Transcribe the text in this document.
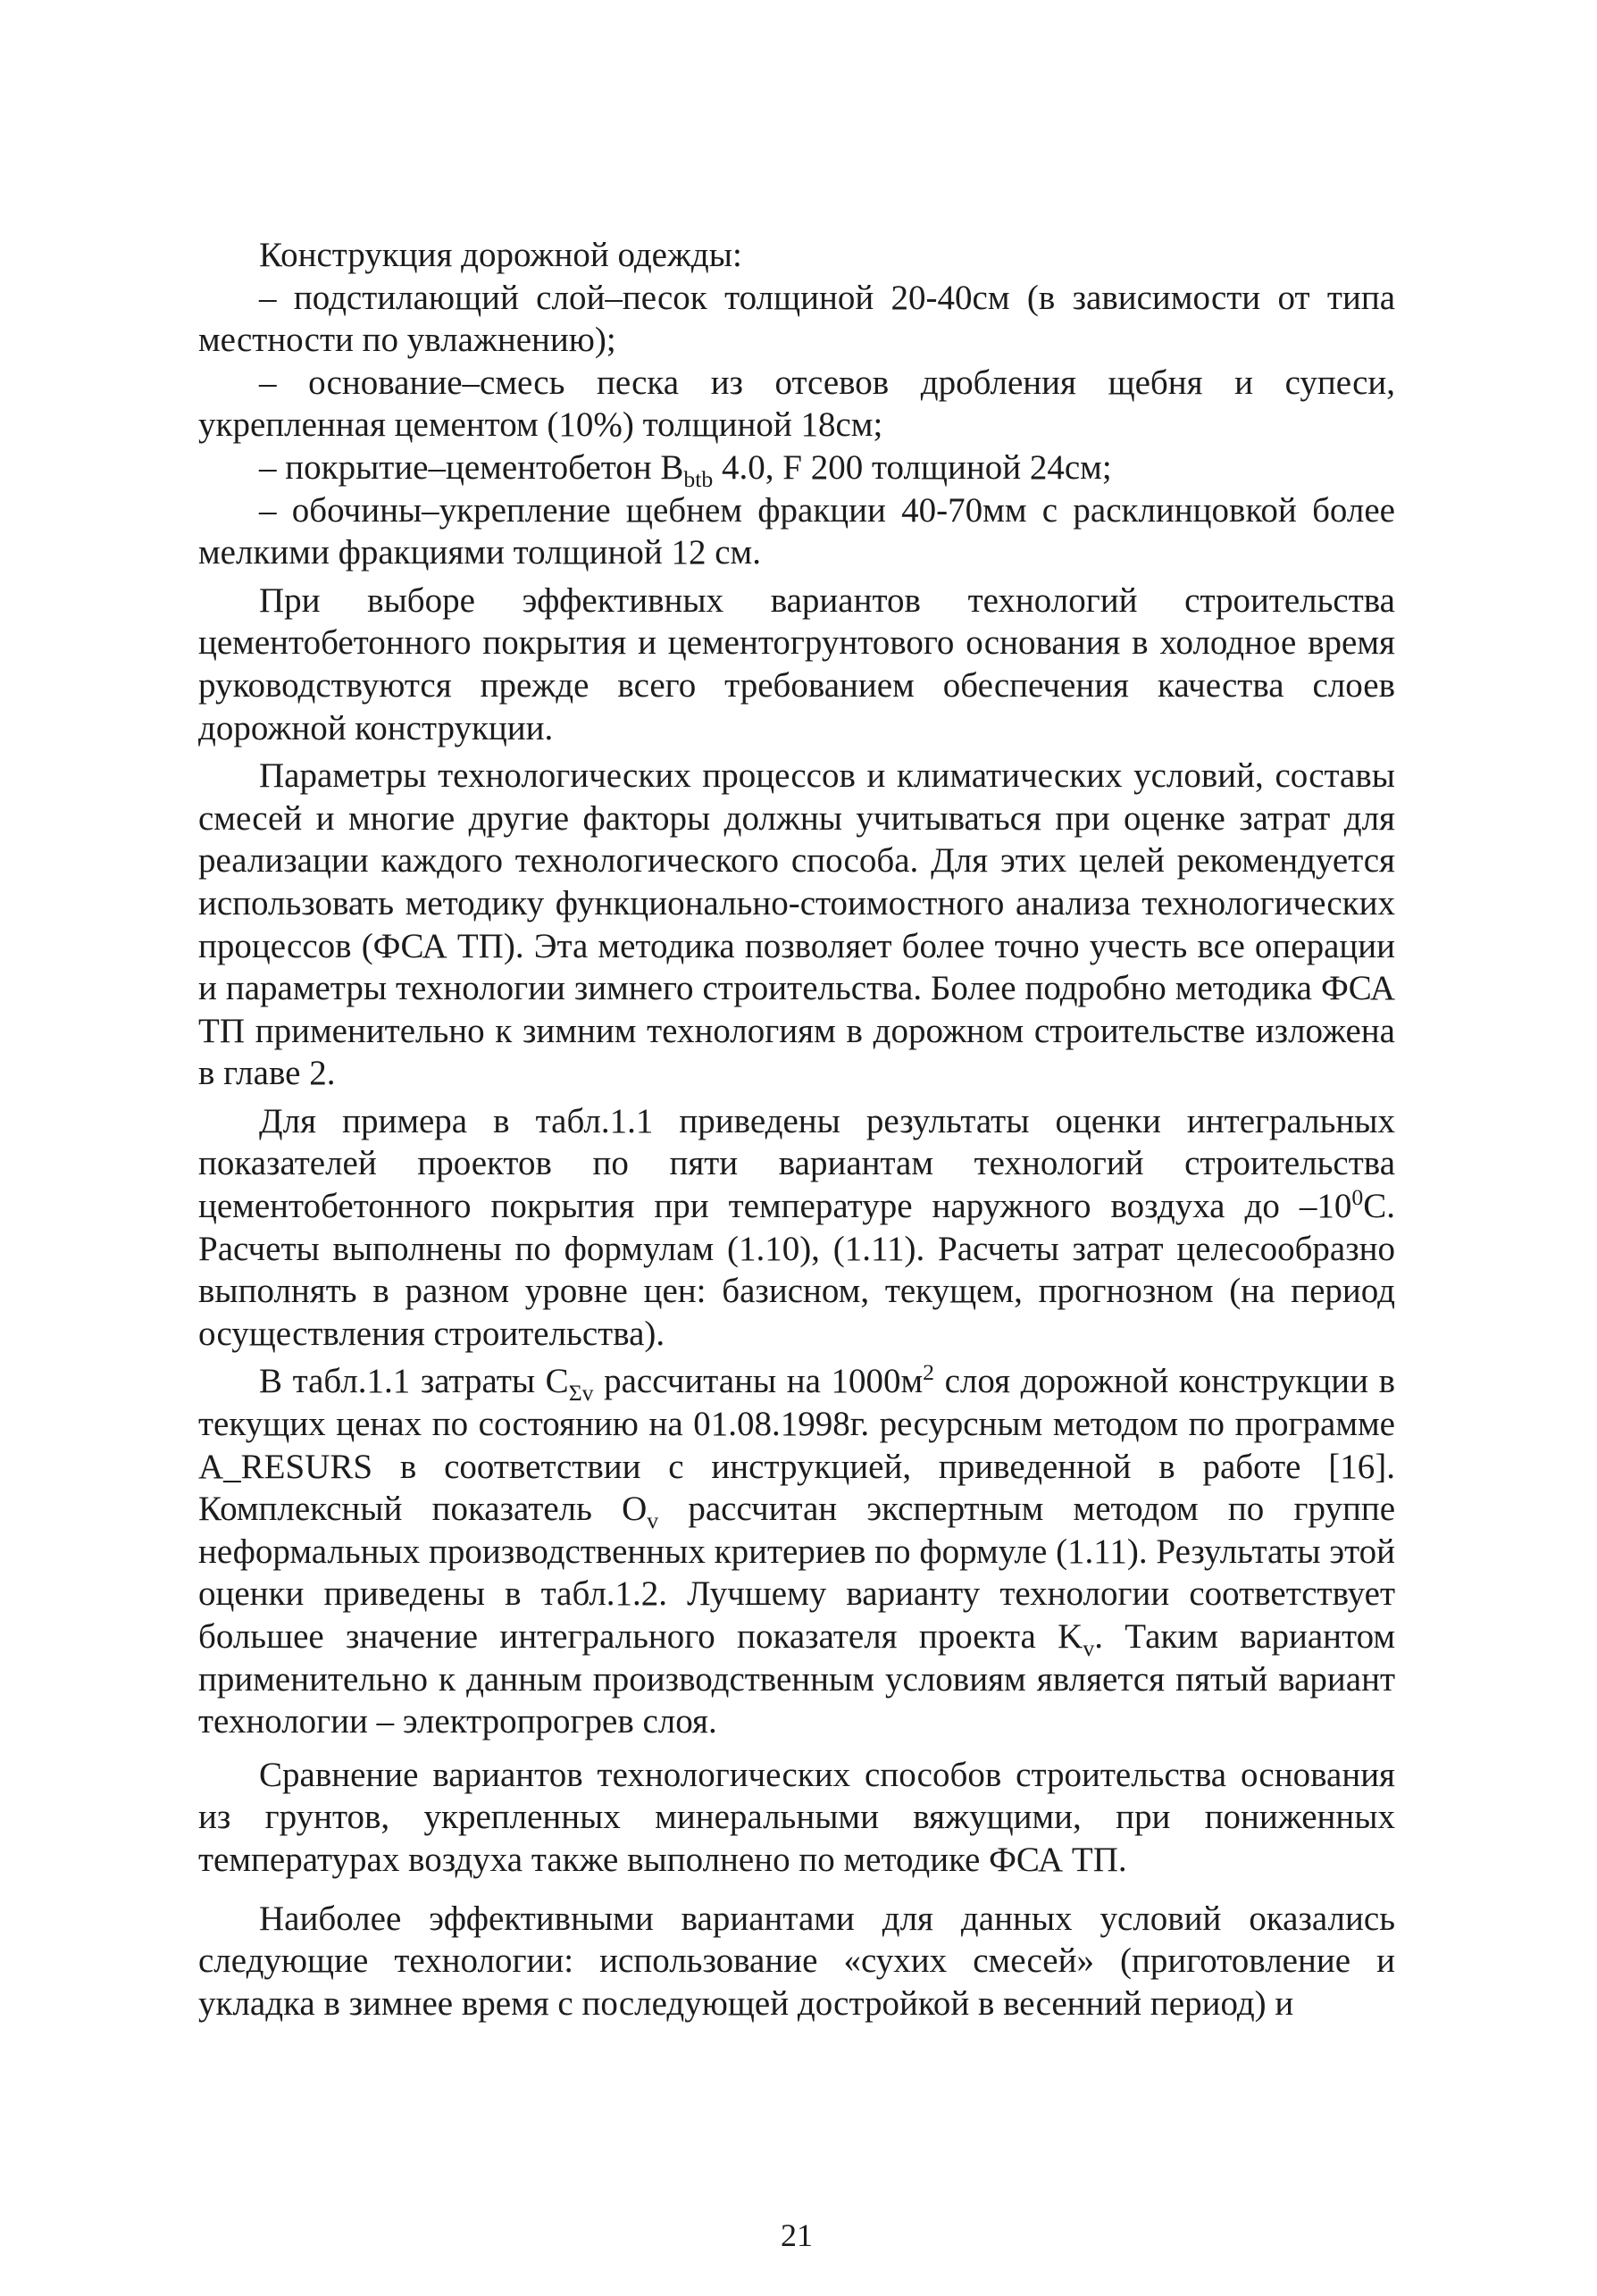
Конструкция дорожной одежды:

– подстилающий слой–песок толщиной 20-40см (в зависимости от типа местности по увлажнению);

– основание–смесь песка из отсевов дробления щебня и супеси, укрепленная цементом (10%) толщиной 18см;

– покрытие–цементобетон $B_{btb}$ 4.0, F 200 толщиной 24см;

– обочины–укрепление щебнем фракции 40-70мм с расклинцовкой более мелкими фракциями толщиной 12 см.

При выборе эффективных вариантов технологий строительства цементобетонного покрытия и цементогрунтового основания в холодное время руководствуются прежде всего требованием обеспечения качества слоев дорожной конструкции.

Параметры технологических процессов и климатических условий, составы смесей и многие другие факторы должны учитываться при оценке затрат для реализации каждого технологического способа. Для этих целей рекомендуется использовать методику функционально-стоимостного анализа технологических процессов (ФСА ТП). Эта методика позволяет более точно учесть все операции и параметры технологии зимнего строительства. Более подробно методика ФСА ТП применительно к зимним технологиям в дорожном строительстве изложена в главе 2.

Для примера в табл.1.1 приведены результаты оценки интегральных показателей проектов по пяти вариантам технологий строительства цементобетонного покрытия при температуре наружного воздуха до $-10^0С$. Расчеты выполнены по формулам (1.10), (1.11). Расчеты затрат целесообразно выполнять в разном уровне цен: базисном, текущем, прогнозном (на период осуществления строительства).

В табл.1.1 затраты $C_{\Sigma v}$ рассчитаны на $1000м^2$ слоя дорожной конструкции в текущих ценах по состоянию на 01.08.1998г. ресурсным методом по программе A_RESURS в соответствии с инструкцией, приведенной в работе [16]. Комплексный показатель $O_v$ рассчитан экспертным методом по группе неформальных производственных критериев по формуле (1.11). Результаты этой оценки приведены в табл.1.2. Лучшему варианту технологии соответствует большее значение интегрального показателя проекта $K_v$. Таким вариантом применительно к данным производственным условиям является пятый вариант технологии – электропрогрев слоя.

Сравнение вариантов технологических способов строительства основания из грунтов, укрепленных минеральными вяжущими, при пониженных температурах воздуха также выполнено по методике ФСА ТП.

Наиболее эффективными вариантами для данных условий оказались следующие технологии: использование «сухих смесей» (приготовление и укладка в зимнее время с последующей достройкой в весенний период) и

21
